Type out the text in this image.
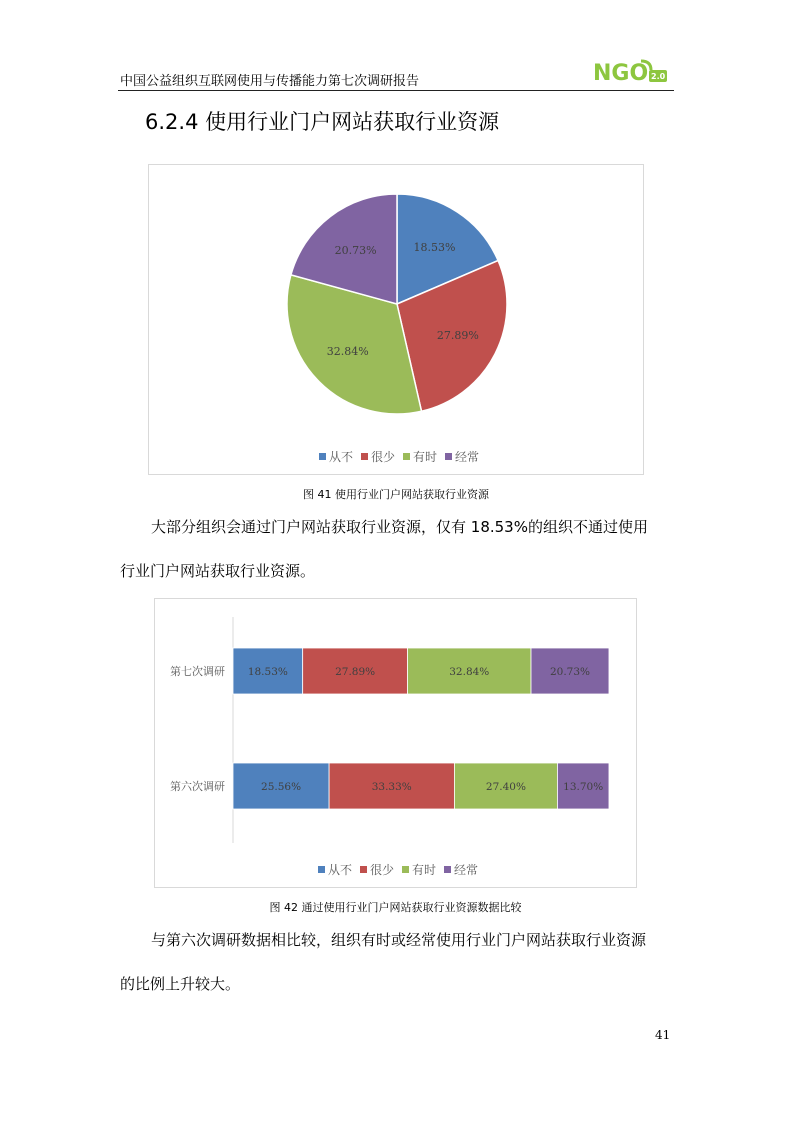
中国公益组织互联网使用与传播能力第七次调研报告	NGO 2.0
6.2.4 使用行业门户网站获取行业资源
18.53%
27.89%
32.84%
20.73%
从不 很少 有时 经常
图 41 使用行业门户网站获取行业资源
大部分组织会通过门户网站获取行业资源，仅有 18.53%的组织不通过使用
行业门户网站获取行业资源。
第七次调研 18.53%	27.89%	32.84%	20.73%
第六次调研	25.56%	33.33%	27.40%	13.70%
从不 很少 有时 经常
图 42 通过使用行业门户网站获取行业资源数据比较
与第六次调研数据相比较，组织有时或经常使用行业门户网站获取行业资源
的比例上升较大。
41
